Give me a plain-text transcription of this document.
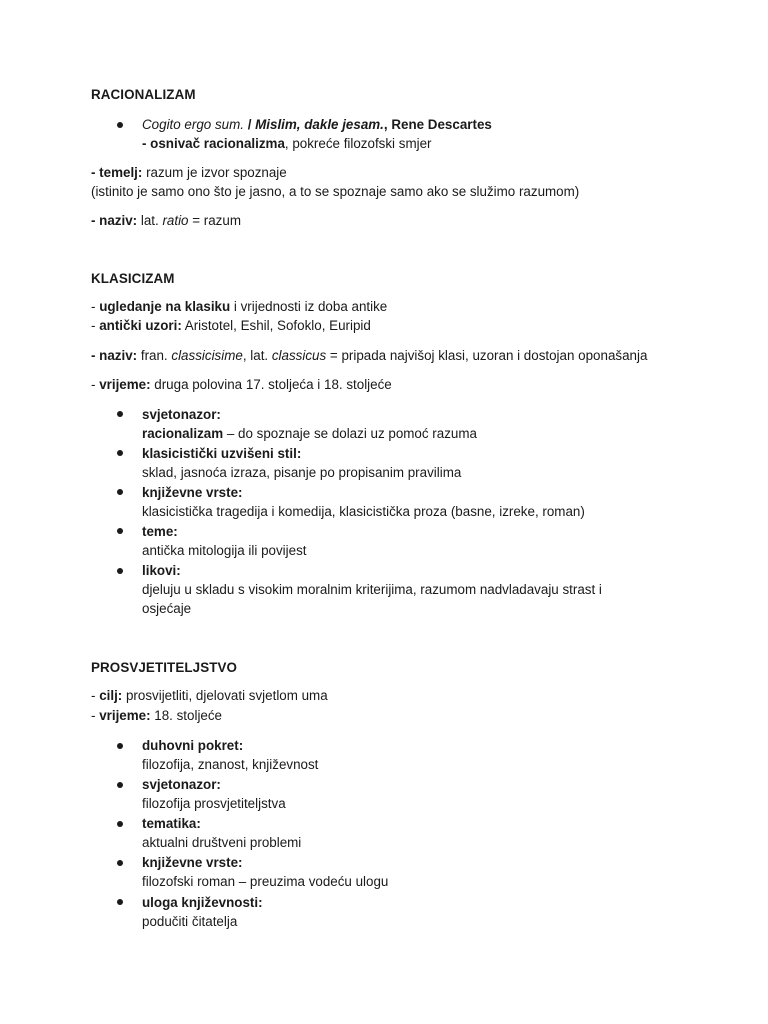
RACIONALIZAM
Cogito ergo sum. / Mislim, dakle jesam., Rene Descartes
- osnivač racionalizma, pokreće filozofski smjer
- temelj: razum je izvor spoznaje
(istinito je samo ono što je jasno, a to se spoznaje samo ako se služimo razumom)
- naziv: lat. ratio = razum
KLASICIZAM
- ugledanje na klasiku i vrijednosti iz doba antike
- antički uzori: Aristotel, Eshil, Sofoklo, Euripid
- naziv: fran. classicisime, lat. classicus = pripada najvišoj klasi, uzoran i dostojan oponašanja
- vrijeme: druga polovina 17. stoljeća i 18. stoljeće
svjetonazor:
racionalizam – do spoznaje se dolazi uz pomoć razuma
klasicistički uzvišeni stil:
sklad, jasnoća izraza, pisanje po propisanim pravilima
književne vrste:
klasicistička tragedija i komedija, klasicistička proza (basne, izreke, roman)
teme:
antička mitologija ili povijest
likovi:
djeluju u skladu s visokim moralnim kriterijima, razumom nadvladavaju strast i
osjećaje
PROSVJETITELJSTVO
- cilj: prosvijetliti, djelovati svjetlom uma
- vrijeme: 18. stoljeće
duhovni pokret:
filozofija, znanost, književnost
svjetonazor:
filozofija prosvjetiteljstva
tematika:
aktualni društveni problemi
književne vrste:
filozofski roman – preuzima vodeću ulogu
uloga književnosti:
podučiti čitatelja
